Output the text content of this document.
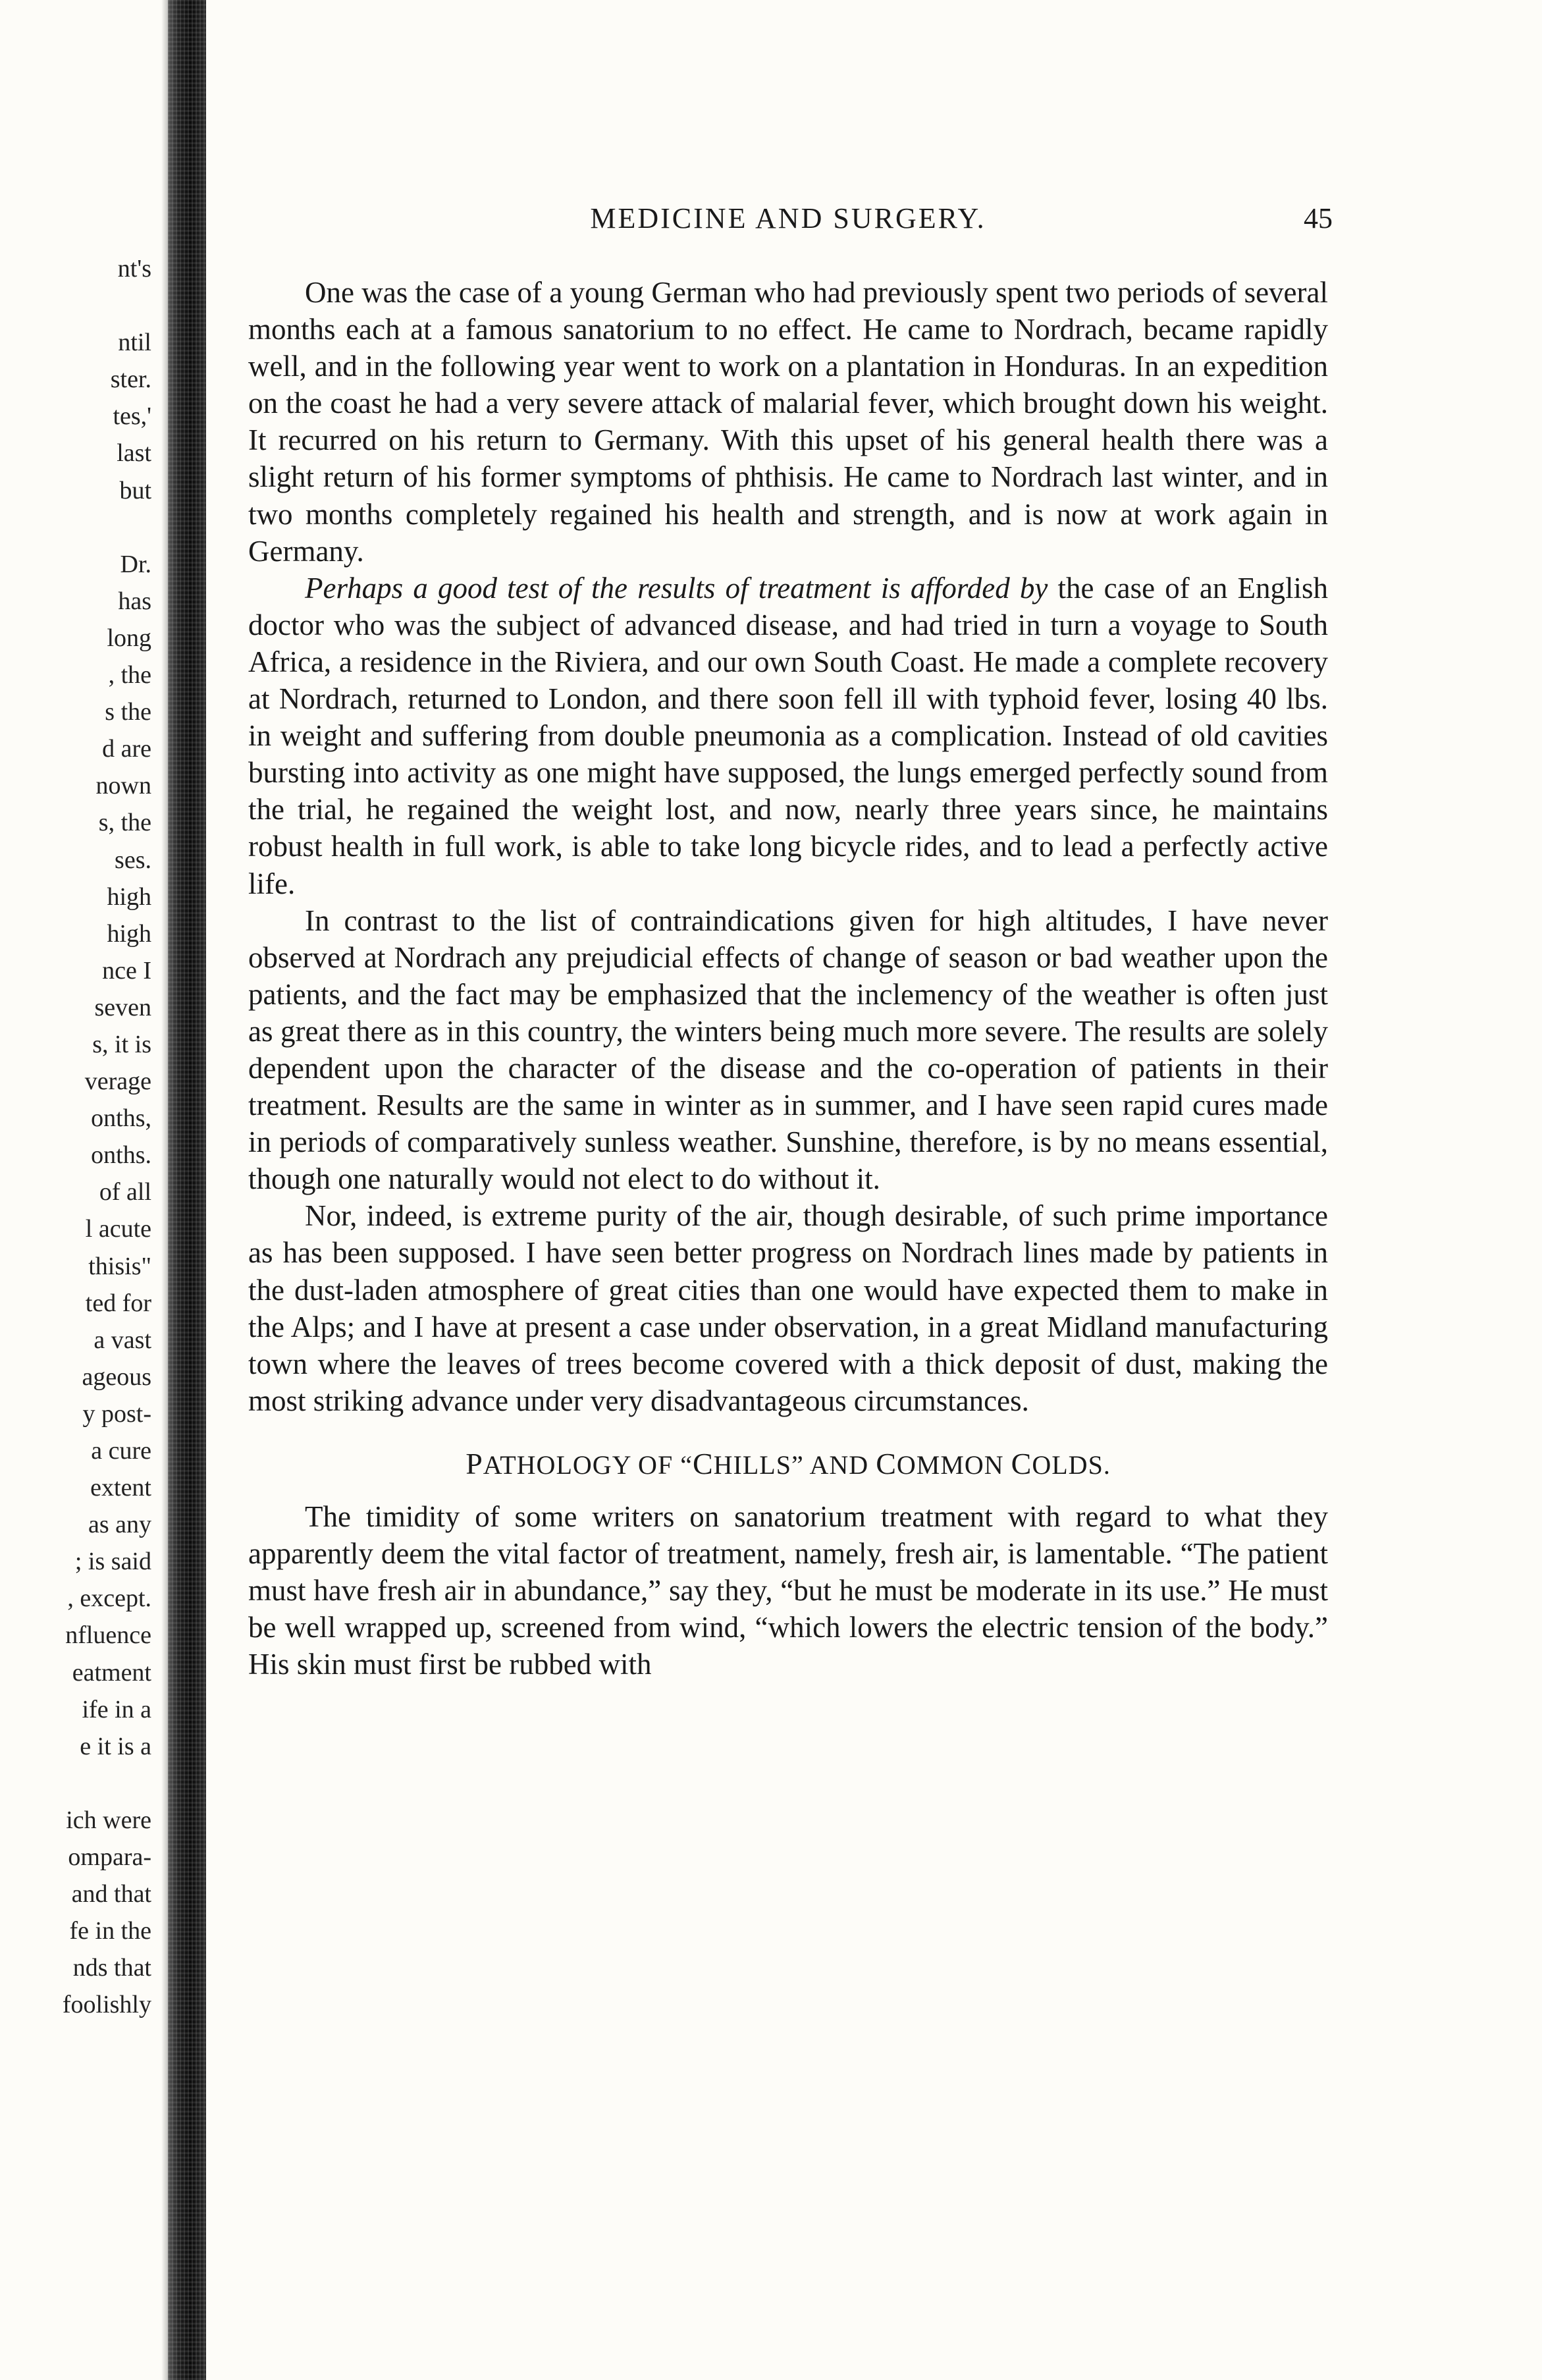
nt's

ntil
ster.
tes,'
last
but

Dr.
has
long
, the
s the
d are
nown
s, the
ses.
high
high
nce I
seven
s, it is
verage
onths,
onths.
of all
l acute
thisis"
ted for
a vast
ageous
y post-
a cure
extent
as any
; is said
, except.
nfluence
eatment
ife in a
e it is a

ich were
ompara-
and that
fe in the
nds that
foolishly
MEDICINE AND SURGERY.	45

One was the case of a young German who had previously spent two periods of several months each at a famous sanatorium to no effect. He came to Nordrach, became rapidly well, and in the following year went to work on a plantation in Honduras. In an expedition on the coast he had a very severe attack of malarial fever, which brought down his weight. It recurred on his return to Germany. With this upset of his general health there was a slight return of his former symptoms of phthisis. He came to Nordrach last winter, and in two months completely regained his health and strength, and is now at work again in Germany.

Perhaps a good test of the results of treatment is afforded by the case of an English doctor who was the subject of advanced disease, and had tried in turn a voyage to South Africa, a residence in the Riviera, and our own South Coast. He made a complete recovery at Nordrach, returned to London, and there soon fell ill with typhoid fever, losing 40 lbs. in weight and suffering from double pneumonia as a complication. Instead of old cavities bursting into activity as one might have supposed, the lungs emerged perfectly sound from the trial, he regained the weight lost, and now, nearly three years since, he maintains robust health in full work, is able to take long bicycle rides, and to lead a perfectly active life.

In contrast to the list of contraindications given for high altitudes, I have never observed at Nordrach any prejudicial effects of change of season or bad weather upon the patients, and the fact may be emphasized that the inclemency of the weather is often just as great there as in this country, the winters being much more severe. The results are solely dependent upon the character of the disease and the co-operation of patients in their treatment. Results are the same in winter as in summer, and I have seen rapid cures made in periods of comparatively sunless weather. Sunshine, therefore, is by no means essential, though one naturally would not elect to do without it.

Nor, indeed, is extreme purity of the air, though desirable, of such prime importance as has been supposed. I have seen better progress on Nordrach lines made by patients in the dust-laden atmosphere of great cities than one would have expected them to make in the Alps; and I have at present a case under observation, in a great Midland manufacturing town where the leaves of trees become covered with a thick deposit of dust, making the most striking advance under very disadvantageous circumstances.

PATHOLOGY OF “CHILLS” AND COMMON COLDS.

The timidity of some writers on sanatorium treatment with regard to what they apparently deem the vital factor of treatment, namely, fresh air, is lamentable. “The patient must have fresh air in abundance,” say they, “but he must be moderate in its use.” He must be well wrapped up, screened from wind, “which lowers the electric tension of the body.” His skin must first be rubbed with
